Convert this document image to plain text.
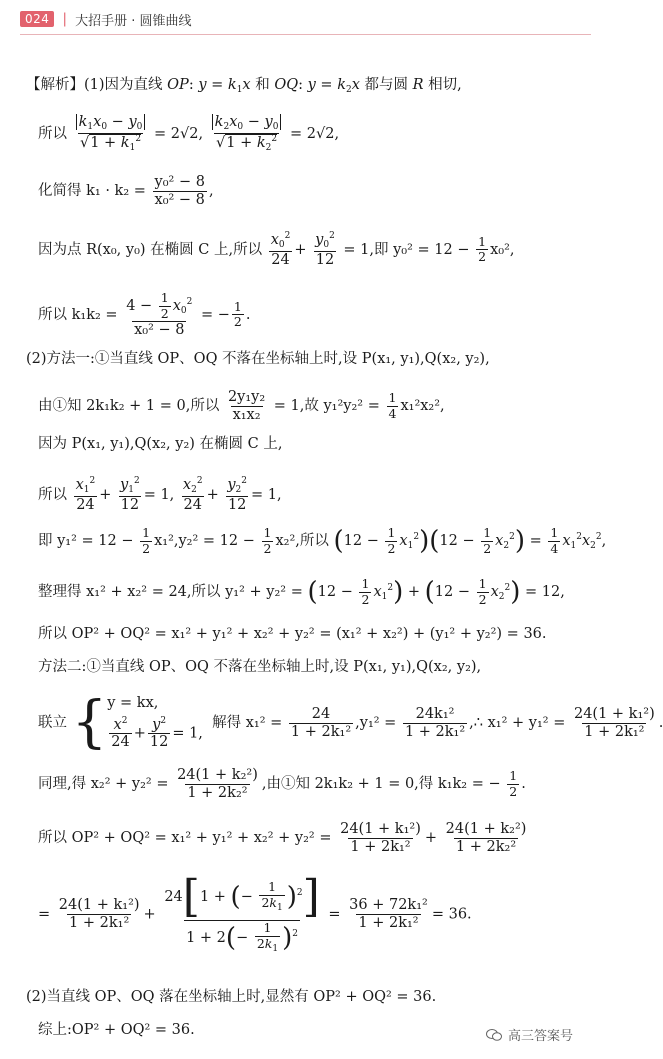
024 | 大招手册 · 圆锥曲线
【解析】(1)因为直线 OP: $y = k_1x$ 和 OQ: $y = k_2x$ 都与圆 R 相切,
所以 $\frac{k_1x_0 - y_0}{√1 + k_1^2} = 2√2$, $\frac{k_2x_0 - y_0}{√1 + k_2^2} = 2√2$,
化简得 $k_1 \cdot k_2 = \frac{\text{y₀² − 8}}{\text{x₀² − 8}}$ ,
因为点 R(x₀, y₀) 在椭圆 C 上,所以 $\frac{x_0^2}{24} + \frac{y_0^2}{12} = 1$,即 $y_0^2 = 12 - \frac{1}{2} x_0^2$,
所以 $k_1k_2 = \frac{4 - \frac{1}{2} x_0^2}{\text{x₀² − 8}}$ = − $\frac{1}{2}$ .
(2)方法一:①当直线 OP、OQ 不落在坐标轴上时,设 P(x₁, y₁),Q(x₂, y₂),
由①知 2k₁k₂ + 1 = 0,所以 $\frac{\text{2y₁y₂}}{\text{x₁x₂}} = 1$,故 $y_1^2y_2^2 = \frac{1}{4} x_1^2x_2^2$,
因为 P(x₁, y₁),Q(x₂, y₂) 在椭圆 C 上,
所以 $\frac{x_1^2}{24} + \frac{y_1^2}{12} = 1$, $\frac{x_2^2}{24} + \frac{y_2^2}{12} = 1$,
即 $y_1^2 = 12 - \frac{1}{2} x_1^2,y_2^2 = 12 - \frac{1}{2} x_2^2$,所以 $(12 - \frac{1}{2} x_1^2)(12 - \frac{1}{2} x_2^2) = \frac{1}{4} x_1^2x_2^2$,
整理得 x₁² + x₂² = 24,所以 $y_1^2 + y_2^2 = (12 - \frac{1}{2} x_1^2) + (12 - \frac{1}{2} x_2^2) = 12$,
所以 OP² + OQ² = x₁² + y₁² + x₂² + y₂² = (x₁² + x₂²) + (y₁² + y₂²) = 36.
方法二:①当直线 OP、OQ 不落在坐标轴上时,设 P(x₁, y₁),Q(x₂, y₂),
联立 { y = kx,
$\frac{x^2}{24} + \frac{y^2}{12} = 1$,
解得 $x_1^2 = \frac{24}{\text{1 + 2k₁²}} ,y_1^2 = \frac{\text{24k₁²}}{\text{1 + 2k₁²}}$ ,∴ $x_1^2 + y_1^2 = \frac{\text{24(1 + k₁²)}}{\text{1 + 2k₁²}}$ .
同理,得 $x_2^2 + y_2^2 = \frac{\text{24(1 + k₂²)}}{\text{1 + 2k₂²}}$ ,由①知 2k₁k₂ + 1 = 0,得 k₁k₂ = − $\frac{1}{2}$ .
所以 $OP^2 + OQ^2 = x_1^2 + y_1^2 + x_2^2 + y_2^2 = \frac{\text{24(1 + k₁²)}}{\text{1 + 2k₁²}} + \frac{\text{24(1 + k₂²)}}{\text{1 + 2k₂²}}$
= $\frac{\text{24(1 + k₁²)}}{\text{1 + 2k₁²}} + \frac{24[1 + (- \frac{1}{2k_1} )^2]}{1 + 2(- \frac{1}{2k_1} )^2} = \frac{\text{36 + 72k₁²}}{\text{1 + 2k₁²}} = 36$.
(2)当直线 OP、OQ 落在坐标轴上时,显然有 OP² + OQ² = 36.
综上:OP² + OQ² = 36.	高三答案号
